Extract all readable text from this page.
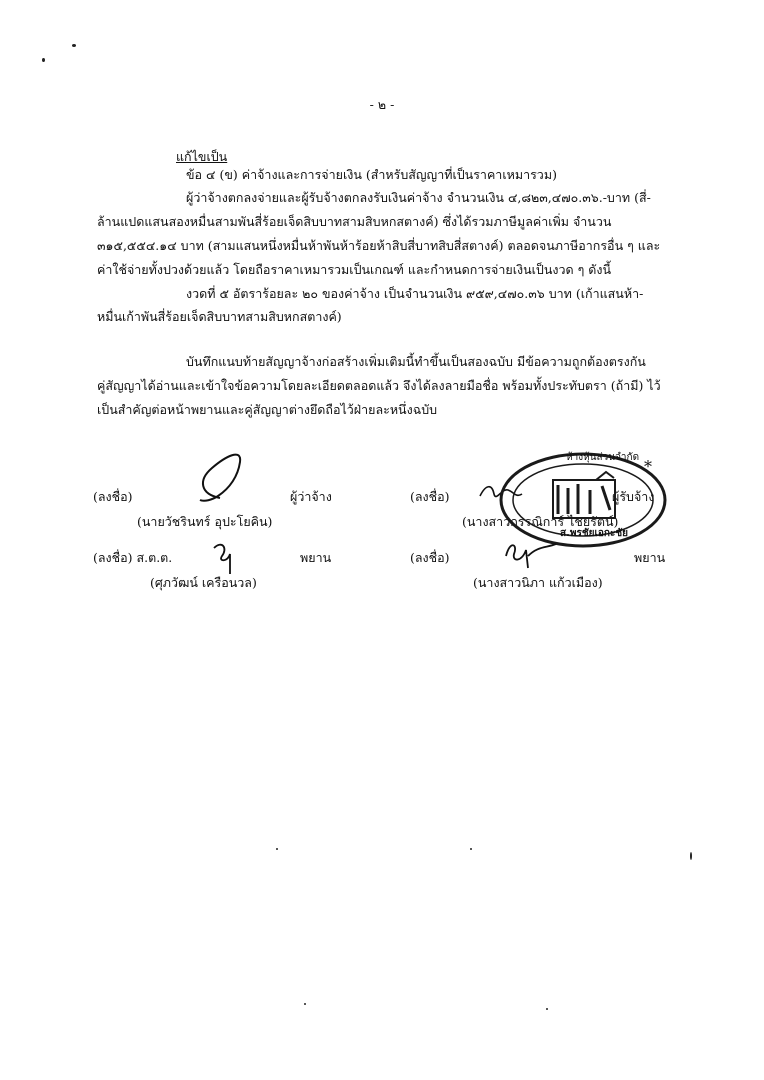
- ๒ -
แก้ไขเป็น
ข้อ ๔ (ข) ค่าจ้างและการจ่ายเงิน (สำหรับสัญญาที่เป็นราคาเหมารวม)
ผู้ว่าจ้างตกลงจ่ายและผู้รับจ้างตกลงรับเงินค่าจ้าง จำนวนเงิน ๔,๘๒๓,๔๗๐.๓๖.-บาท (สี่-
ล้านแปดแสนสองหมื่นสามพันสี่ร้อยเจ็ดสิบบาทสามสิบหกสตางค์) ซึ่งได้รวมภาษีมูลค่าเพิ่ม จำนวน
๓๑๕,๕๕๔.๑๔ บาท (สามแสนหนึ่งหมื่นห้าพันห้าร้อยห้าสิบสี่บาทสิบสี่สตางค์) ตลอดจนภาษีอากรอื่น ๆ และ
ค่าใช้จ่ายทั้งปวงด้วยแล้ว โดยถือราคาเหมารวมเป็นเกณฑ์ และกำหนดการจ่ายเงินเป็นงวด ๆ ดังนี้
งวดที่ ๕ อัตราร้อยละ ๒๐ ของค่าจ้าง เป็นจำนวนเงิน ๙๕๙,๔๗๐.๓๖ บาท (เก้าแสนห้า-
หมื่นเก้าพันสี่ร้อยเจ็ดสิบบาทสามสิบหกสตางค์)
บันทึกแนบท้ายสัญญาจ้างก่อสร้างเพิ่มเติมนี้ทำขึ้นเป็นสองฉบับ มีข้อความถูกต้องตรงกัน
คู่สัญญาได้อ่านและเข้าใจข้อความโดยละเอียดตลอดแล้ว จึงได้ลงลายมือชื่อ พร้อมทั้งประทับตรา (ถ้ามี) ไว้
เป็นสำคัญต่อหน้าพยานและคู่สัญญาต่างยึดถือไว้ฝ่ายละหนึ่งฉบับ
(ลงชื่อ)	ผู้ว่าจ้าง
(นายวัชรินทร์ อุปะโยคิน)
(ลงชื่อ)	ผู้รับจ้าง
(นางสาวกรรณิการ์ ไชยรัตน์)
ห้างหุ้นส่วนจำกัด
ส.พรชัยเอกะชัย
*
(ลงชื่อ) ส.ต.ต.	พยาน
(ศุภวัฒน์ เครือนวล)
(ลงชื่อ)	พยาน
(นางสาวนิภา แก้วเมือง)
